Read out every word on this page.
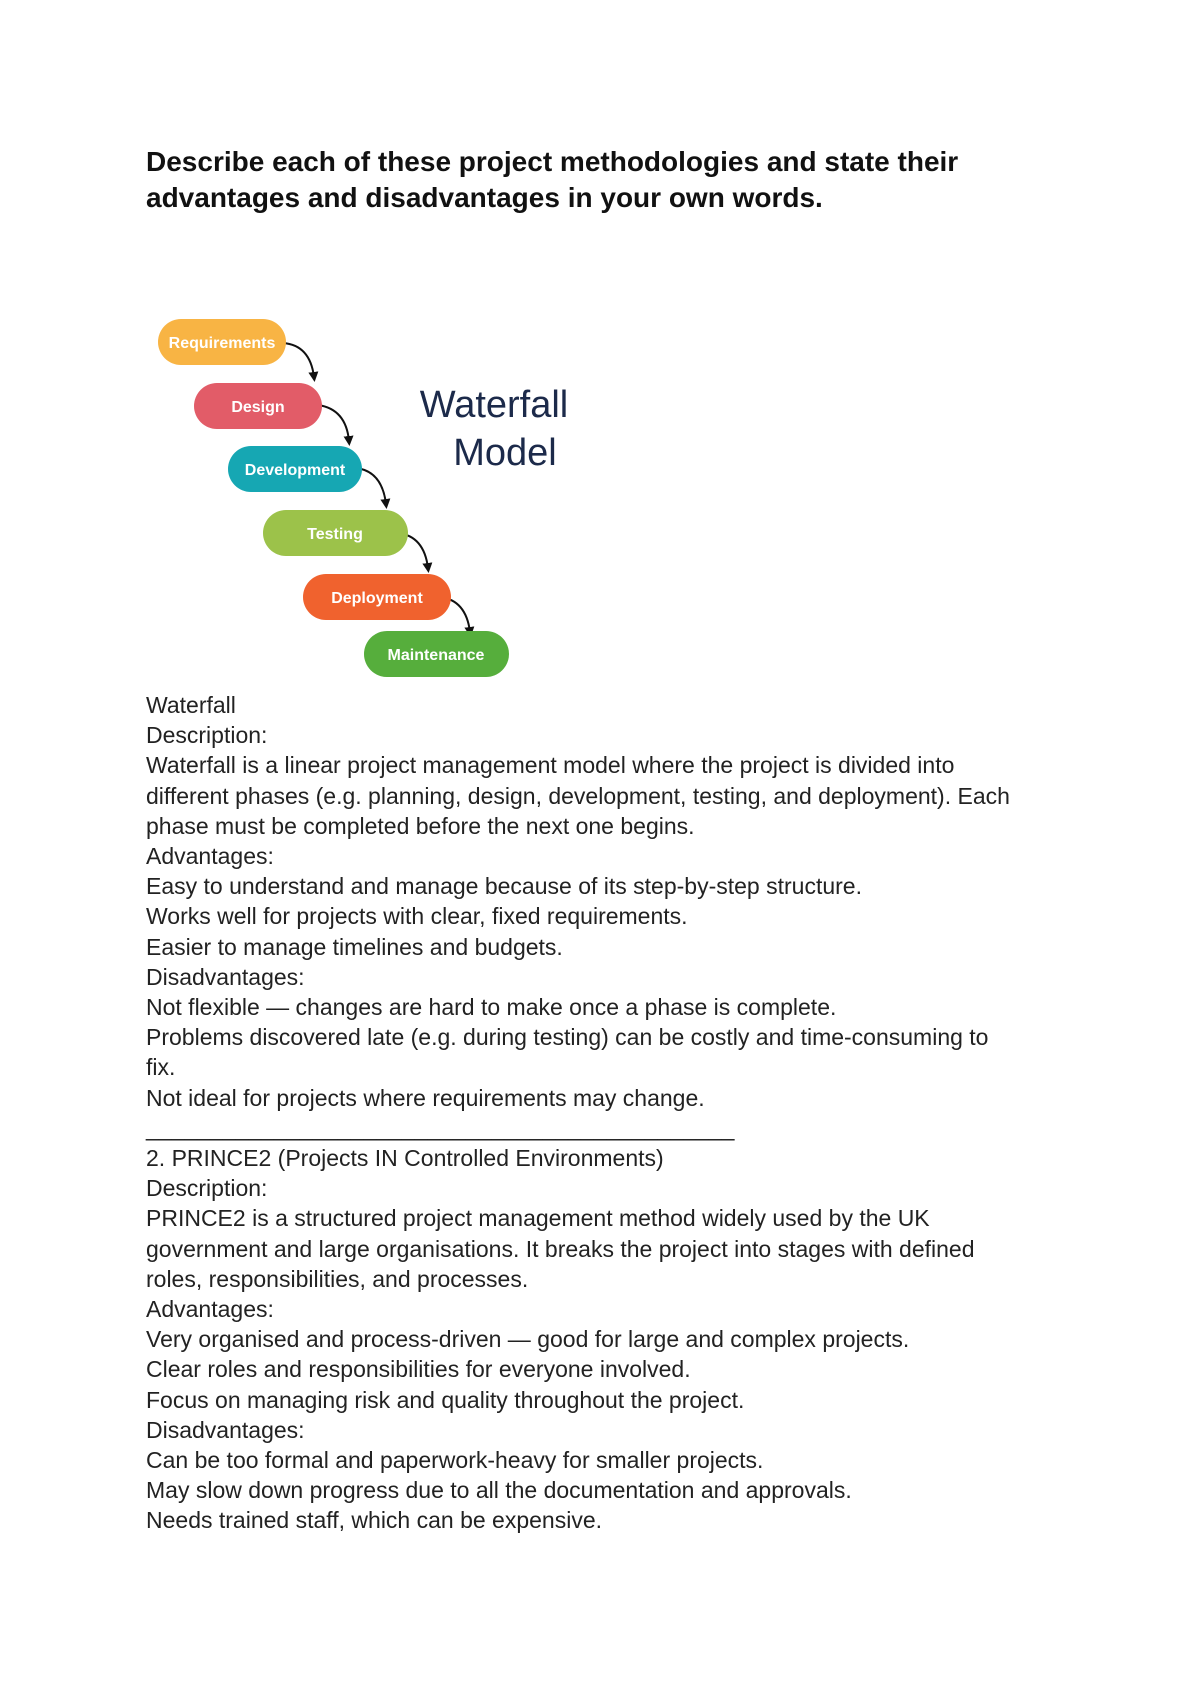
Describe each of these project methodologies and state their advantages and disadvantages in your own words.
Requirements
Design
Development
Testing
Deployment
Maintenance
Waterfall
Model

Waterfall

Description:

Waterfall is a linear project management model where the project is divided into

different phases (e.g. planning, design, development, testing, and deployment). Each

phase must be completed before the next one begins.

Advantages:

Easy to understand and manage because of its step-by-step structure.

Works well for projects with clear, fixed requirements.

Easier to manage timelines and budgets.

Disadvantages:

Not flexible — changes are hard to make once a phase is complete.

Problems discovered late (e.g. during testing) can be costly and time-consuming to

fix.

Not ideal for projects where requirements may change.

______________________________________________

2. PRINCE2 (Projects IN Controlled Environments)

Description:

PRINCE2 is a structured project management method widely used by the UK

government and large organisations. It breaks the project into stages with defined

roles, responsibilities, and processes.

Advantages:

Very organised and process-driven — good for large and complex projects.

Clear roles and responsibilities for everyone involved.

Focus on managing risk and quality throughout the project.

Disadvantages:

Can be too formal and paperwork-heavy for smaller projects.

May slow down progress due to all the documentation and approvals.

Needs trained staff, which can be expensive.
